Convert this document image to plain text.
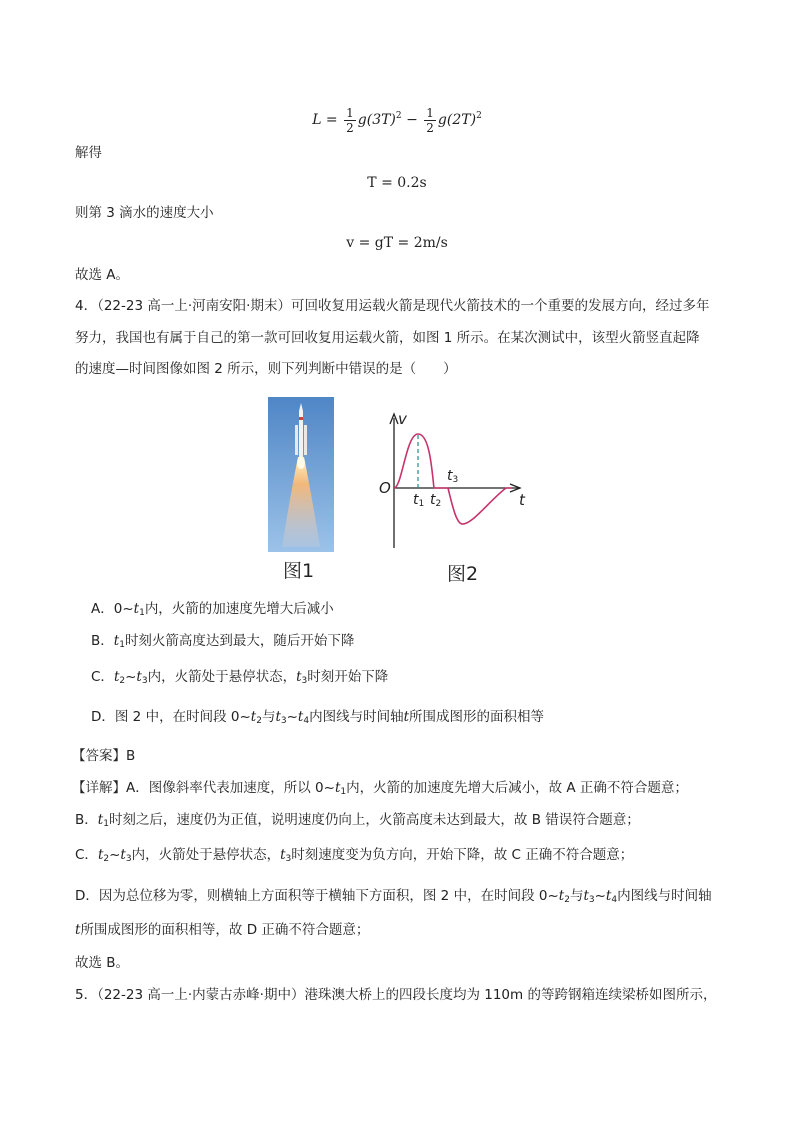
$L = \frac{1}{2} g(3T)^2 - \frac{1}{2} g(2T)^2$
解得
T = 0.2s
则第 3 滴水的速度大小
v = gT = 2m/s
故选 A。
4．（22-23 高一上·河南安阳·期末）可回收复用运载火箭是现代火箭技术的一个重要的发展方向，经过多年
努力，我国也有属于自己的第一款可回收复用运载火箭，如图 1 所示。在某次测试中，该型火箭竖直起降
的速度—时间图像如图 2 所示，则下列判断中错误的是（　　）
v
O
t
$t_1$ $t_2$
$t_3$
图1	图2
A．$0\sim t_1$内，火箭的加速度先增大后减小
B．$t_1$时刻火箭高度达到最大，随后开始下降
C．$t_2\sim t_3$内，火箭处于悬停状态，$t_3$时刻开始下降
D．图 2 中，在时间段 $0\sim t_2$与$t_3\sim t_4$内图线与时间轴t所围成图形的面积相等
【答案】B
【详解】A．图像斜率代表加速度，所以 $0\sim t_1$内，火箭的加速度先增大后减小，故 A 正确不符合题意；
B．$t_1$时刻之后，速度仍为正值，说明速度仍向上，火箭高度未达到最大，故 B 错误符合题意；
C．$t_2\sim t_3$内，火箭处于悬停状态，$t_3$时刻速度变为负方向，开始下降，故 C 正确不符合题意；
D．因为总位移为零，则横轴上方面积等于横轴下方面积，图 2 中，在时间段 $0\sim t_2$与$t_3\sim t_4$内图线与时间轴
t所围成图形的面积相等，故 D 正确不符合题意；
故选 B。
5．（22-23 高一上·内蒙古赤峰·期中）港珠澳大桥上的四段长度均为 110m 的等跨钢箱连续梁桥如图所示，
